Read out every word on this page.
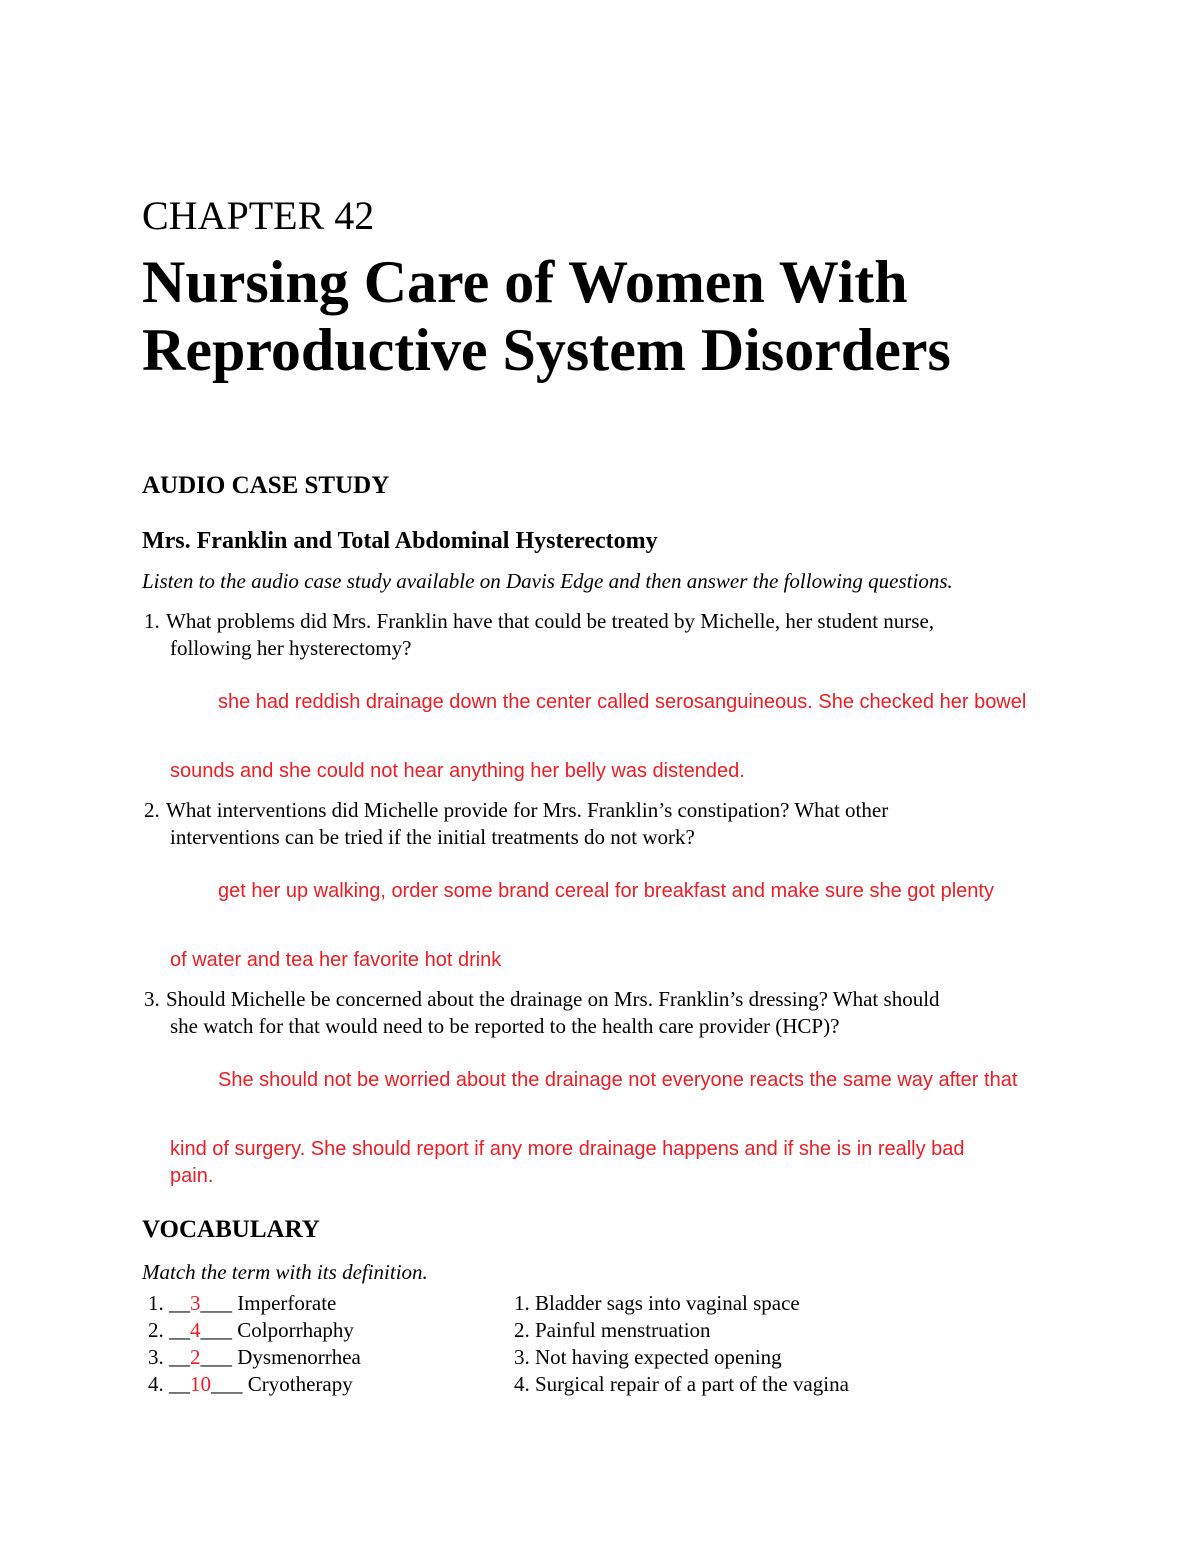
CHAPTER 42
Nursing Care of Women With
Reproductive System Disorders
AUDIO CASE STUDY
Mrs. Franklin and Total Abdominal Hysterectomy
Listen to the audio case study available on Davis Edge and then answer the following questions.
1. What problems did Mrs. Franklin have that could be treated by Michelle, her student nurse,
following her hysterectomy?
she had reddish drainage down the center called serosanguineous. She checked her bowel
sounds and she could not hear anything her belly was distended.
2. What interventions did Michelle provide for Mrs. Franklin’s constipation? What other
interventions can be tried if the initial treatments do not work?
get her up walking, order some brand cereal for breakfast and make sure she got plenty
of water and tea her favorite hot drink
3. Should Michelle be concerned about the drainage on Mrs. Franklin’s dressing? What should
she watch for that would need to be reported to the health care provider (HCP)?
She should not be worried about the drainage not everyone reacts the same way after that
kind of surgery. She should report if any more drainage happens and if she is in really bad
pain.
VOCABULARY
Match the term with its definition.
1. __3___ Imperforate
2. __4___ Colporrhaphy
3. __2___ Dysmenorrhea
4. __10___ Cryotherapy
1. Bladder sags into vaginal space
2. Painful menstruation
3. Not having expected opening
4. Surgical repair of a part of the vagina
